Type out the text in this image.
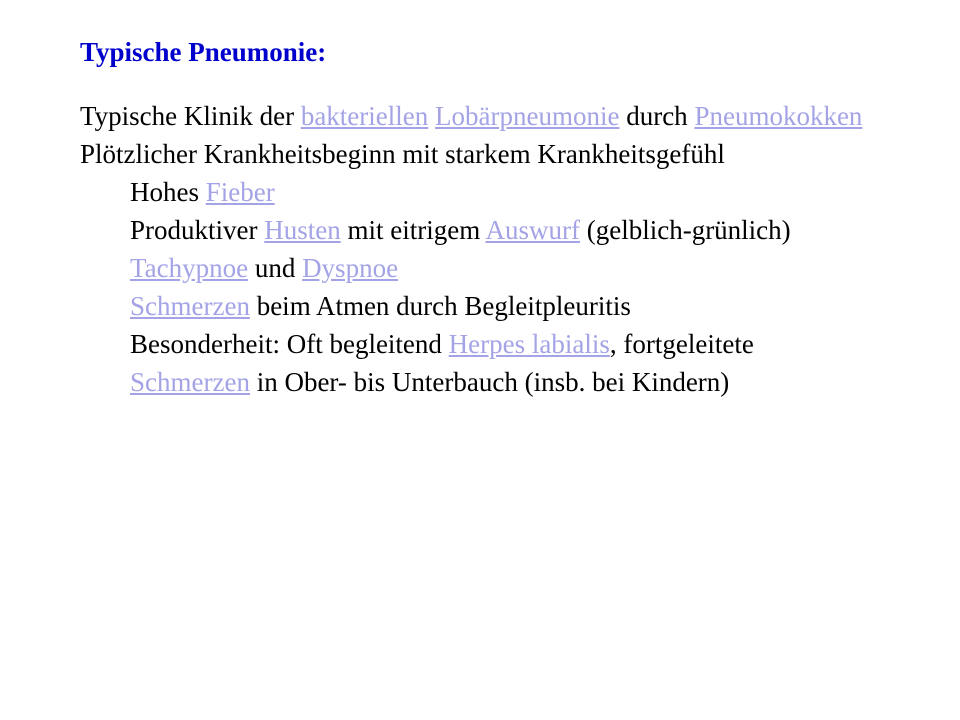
Typische Pneumonie:

Typische Klinik der bakteriellen Lobärpneumonie durch Pneumokokken

Plötzlicher Krankheitsbeginn mit starkem Krankheitsgefühl

Hohes Fieber

Produktiver Husten mit eitrigem Auswurf (gelblich-grünlich)

Tachypnoe und Dyspnoe

Schmerzen beim Atmen durch Begleitpleuritis

Besonderheit: Oft begleitend Herpes labialis, fortgeleitete Schmerzen in Ober- bis Unterbauch (insb. bei Kindern)
